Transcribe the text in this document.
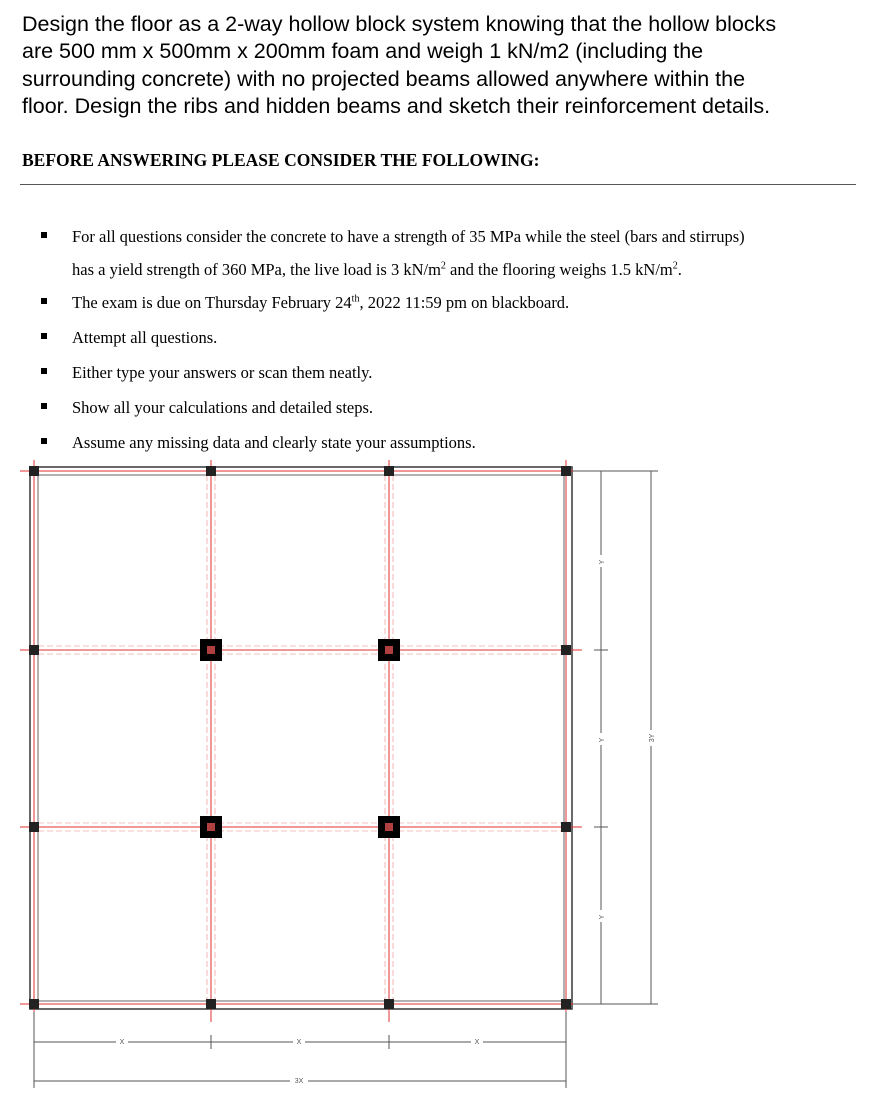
Design the floor as a 2-way hollow block system knowing that the hollow blocks
are 500 mm x 500mm x 200mm foam and weigh 1 kN/m2 (including the
surrounding concrete) with no projected beams allowed anywhere within the
floor. Design the ribs and hidden beams and sketch their reinforcement details.
BEFORE ANSWERING PLEASE CONSIDER THE FOLLOWING:
For all questions consider the concrete to have a strength of 35 MPa while the steel (bars and stirrups)
has a yield strength of 360 MPa, the live load is 3 $kN/m^2$ and the flooring weighs 1.5 $kN/m^2$.
The exam is due on Thursday February 24th, 2022 11:59 pm on blackboard.
Attempt all questions.
Either type your answers or scan them neatly.
Show all your calculations and detailed steps.
Assume any missing data and clearly state your assumptions.
Y
Y
Y
3Y
X	X	X
3X
